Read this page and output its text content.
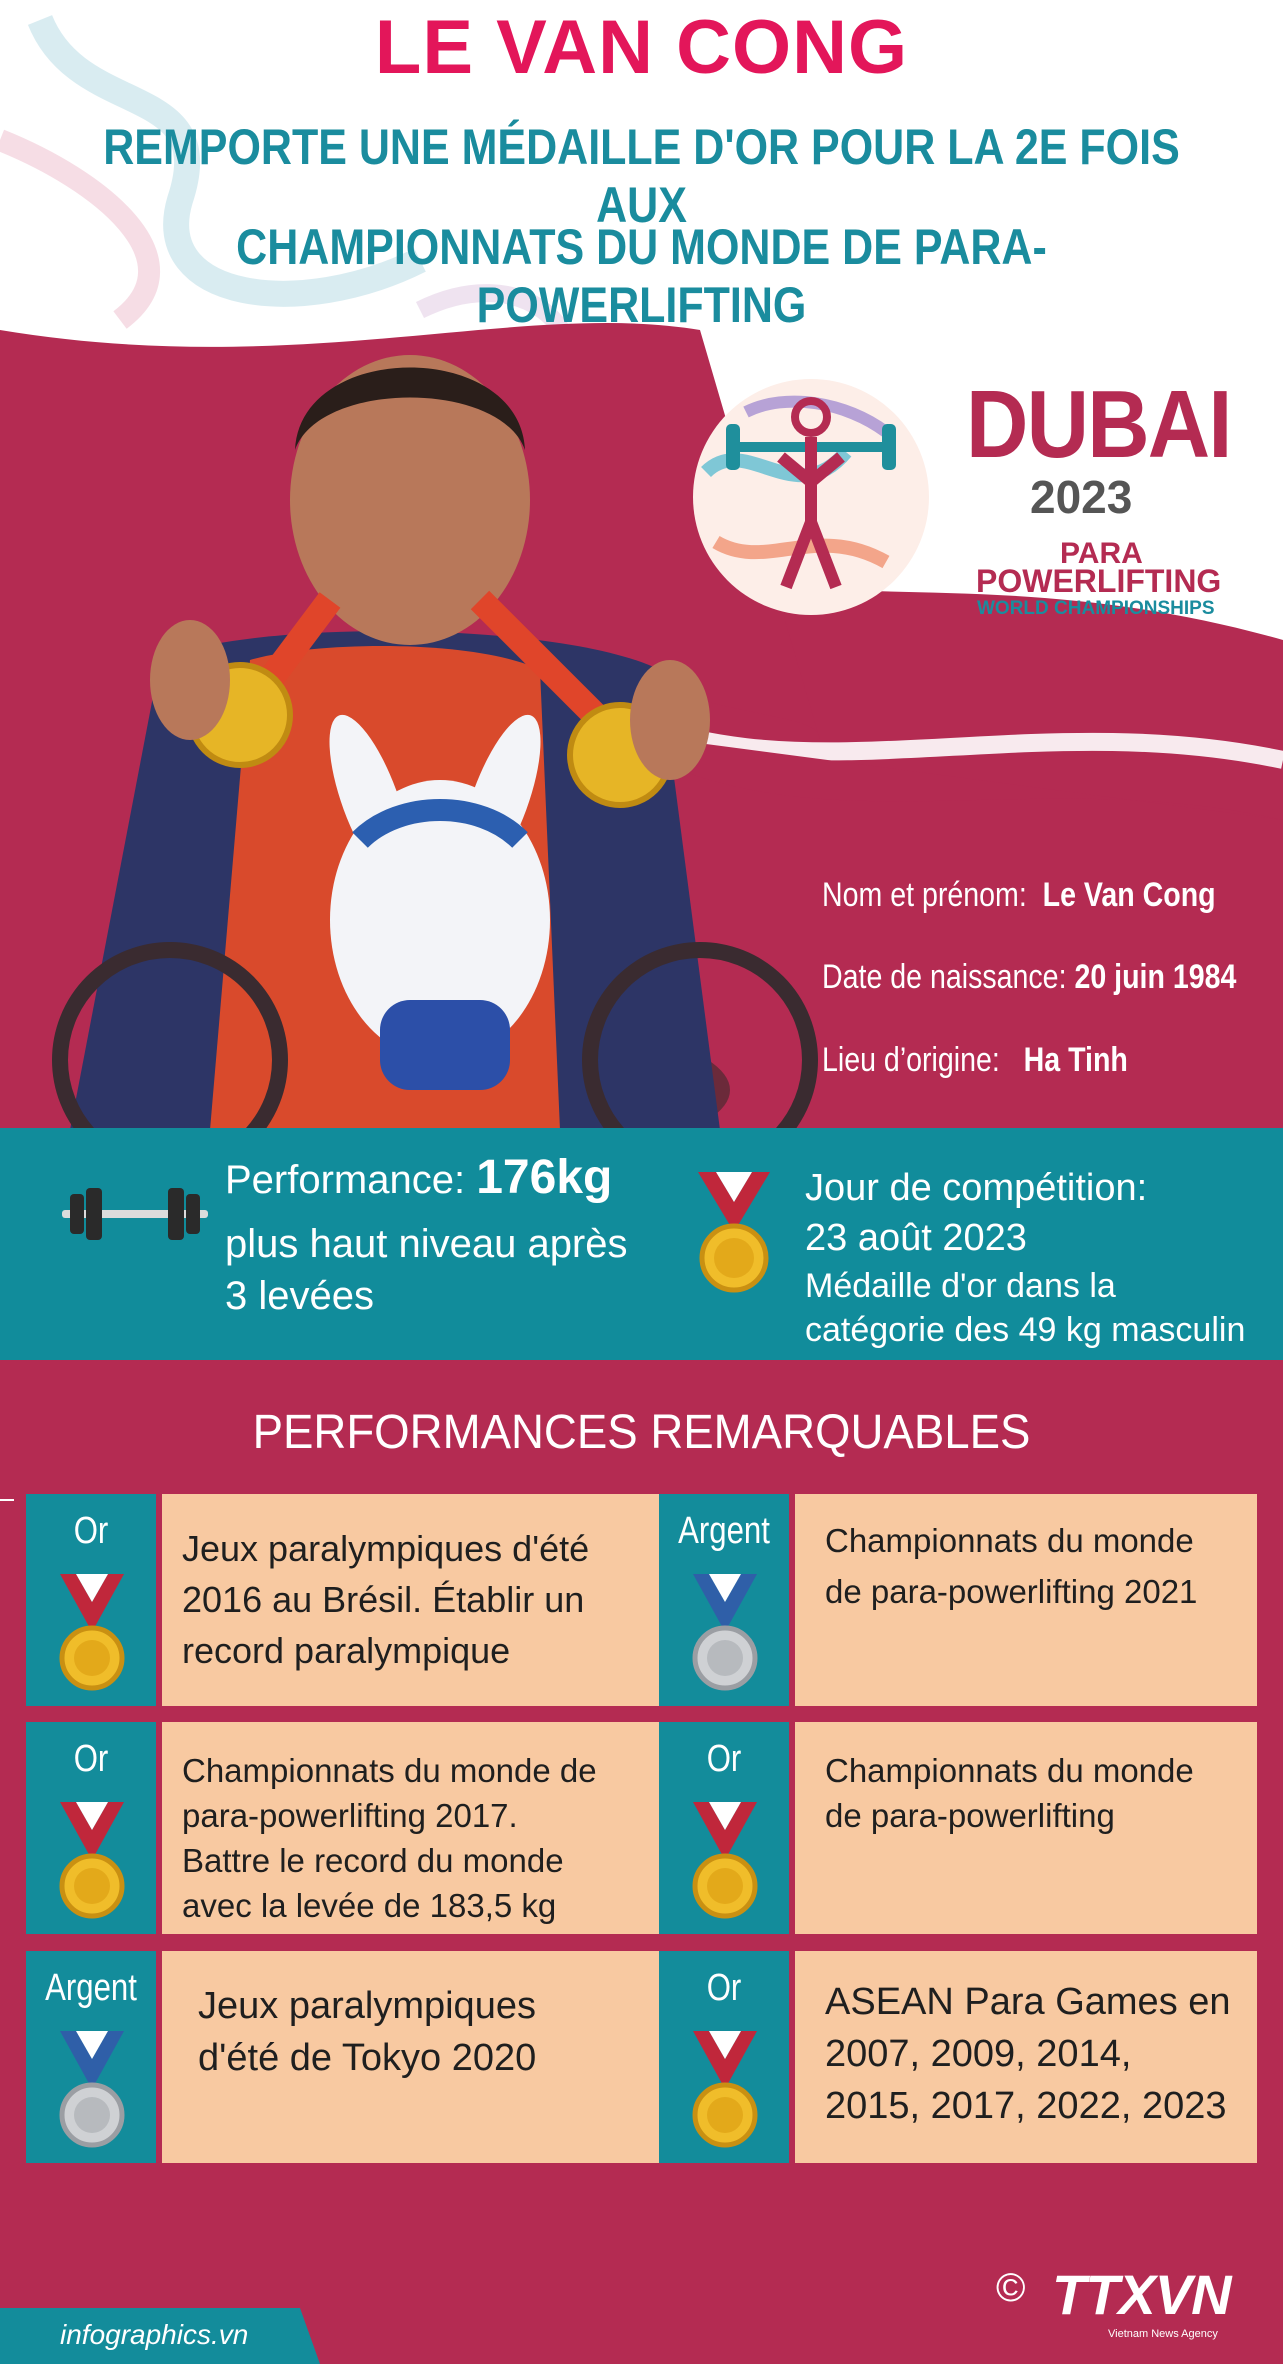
LE VAN CONG
REMPORTE UNE MÉDAILLE D'OR POUR LA 2E FOIS AUX
CHAMPIONNATS DU MONDE DE PARA-POWERLIFTING
DUBAI
2023
PARA
POWERLIFTING
WORLD CHAMPIONSHIPS
Nom et prénom: Le Van Cong
Date de naissance: 20 juin 1984
Lieu d’origine: Ha Tinh
Performance: 176kg
plus haut niveau après
3 levées
Jour de compétition:
23 août 2023
Médaille d'or dans la
catégorie des 49 kg masculin
PERFORMANCES REMARQUABLES
Or	Jeux paralympiques d'été
2016 au Brésil. Établir un
record paralympique
Argent Championnats du monde
de para-powerlifting 2021
Or	Championnats du monde de
para-powerlifting 2017.
Battre le record du monde
avec la levée de 183,5 kg
Or	Championnats du monde
de para-powerlifting
Argent Jeux paralympiques
d'été de Tokyo 2020
Or	ASEAN Para Games en
2007, 2009, 2014,
2015, 2017, 2022, 2023
infographics.vn
© TTXVN
Vietnam News Agency
